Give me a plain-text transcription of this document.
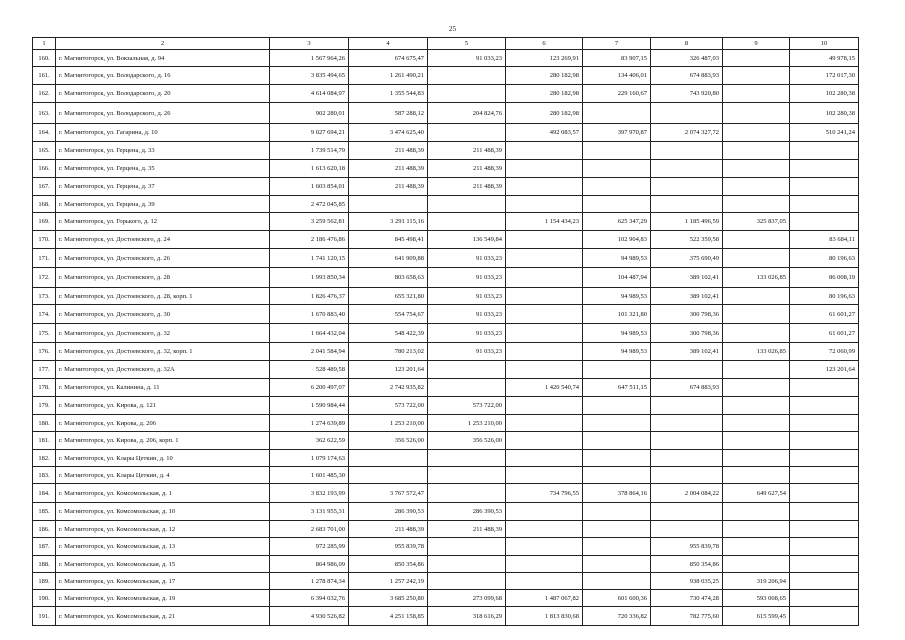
25
1	2	3	4	5	6	7	8	9	10
160.	г. Магнитогорск, ул. Вокзальная, д. 94	1 567 964,26	674 675,47	91 033,23	123 269,91	83 907,15	326 487,03		49 978,15
161.	г. Магнитогорск, ул. Володарского, д. 16	3 835 494,65	1 261 490,21		280 182,98	134 406,01	674 883,93		172 017,30
162.	г. Магнитогорск, ул. Володарского, д. 20	4 614 084,97	1 355 544,83		280 182,98	229 160,67	743 920,80		102 280,38
163.	г. Магнитогорск, ул. Володарского, д. 26	902 280,01	587 288,12	204 824,76	280 182,98				102 280,38
164.	г. Магнитогорск, ул. Гагарина, д. 10	9 027 694,21	3 474 625,40		492 083,57	397 970,87	2 074 327,72		510 241,24
165.	г. Магнитогорск, ул. Герцена, д. 33	1 739 514,79	211 488,39	211 488,39					
166.	г. Магнитогорск, ул. Герцена, д. 35	1 613 620,18	211 488,39	211 488,39					
167.	г. Магнитогорск, ул. Герцена, д. 37	1 603 854,01	211 488,39	211 488,39					
168.	г. Магнитогорск, ул. Герцена, д. 39	2 472 045,85							
169.	г. Магнитогорск, ул. Горького, д. 12	3 259 562,81	3 291 115,16		1 154 434,23	625 347,29	1 185 496,59	325 837,05	
170.	г. Магнитогорск, ул. Достоевского, д. 24	2 186 476,86	845 498,41	136 549,84		102 904,83	522 359,58		83 684,11
171.	г. Магнитогорск, ул. Достоевского, д. 26	1 741 120,15	641 909,88	91 033,23		94 989,53	375 690,49		80 196,63
172.	г. Магнитогорск, ул. Достоевского, д. 28	1 993 850,34	803 658,63	91 033,23		104 487,94	389 102,41	133 026,85	86 008,19
173.	г. Магнитогорск, ул. Достоевского, д. 28, корп. 1	1 826 476,37	655 321,80	91 033,23		94 989,53	389 102,41		80 196,63
174.	г. Магнитогорск, ул. Достоевского, д. 30	1 670 883,40	554 754,67	91 033,23		101 321,80	300 798,36		61 601,27
175.	г. Магнитогорск, ул. Достоевского, д. 32	1 664 432,04	548 422,39	91 033,23		94 989,53	300 798,36		61 601,27
176.	г. Магнитогорск, ул. Достоевского, д. 32, корп. 1	2 041 584,94	780 213,02	91 033,23		94 989,53	389 102,41	133 026,85	72 060,99
177.	г. Магнитогорск, ул. Достоевского, д. 32А	528 489,58	123 201,64						123 201,64
178.	г. Магнитогорск, ул. Калинина, д. 11	6 200 497,07	2 742 935,82		1 420 540,74	647 511,15	674 883,93		
179.	г. Магнитогорск, ул. Кирова, д. 121	1 590 984,44	573 722,00	573 722,00					
180.	г. Магнитогорск, ул. Кирова, д. 206	1 274 639,89	1 253 210,00	1 253 210,00					
181.	г. Магнитогорск, ул. Кирова, д. 206, корп. 1	362 622,59	356 526,00	356 526,00					
182.	г. Магнитогорск, ул. Клары Цеткин, д. 10	1 079 174,63							
183.	г. Магнитогорск, ул. Клары Цеткин, д. 4	1 601 485,30							
184.	г. Магнитогорск, ул. Комсомольская, д. 1	3 832 193,99	3 767 572,47		734 796,55	378 864,16	2 004 084,22	649 627,54	
185.	г. Магнитогорск, ул. Комсомольская, д. 10	3 131 955,31	286 390,53	286 390,53					
186.	г. Магнитогорск, ул. Комсомольская, д. 12	2 683 701,00	211 488,39	211 488,39					
187.	г. Магнитогорск, ул. Комсомольская, д. 13	972 285,99	955 839,78				955 839,78		
188.	г. Магнитогорск, ул. Комсомольская, д. 15	864 986,09	850 354,86				850 354,86		
189.	г. Магнитогорск, ул. Комсомольская, д. 17	1 278 874,34	1 257 242,19				938 035,25	319 206,94	
190.	г. Магнитогорск, ул. Комсомольская, д. 19	6 394 032,76	3 685 250,80	273 099,68	1 487 067,82	601 600,36	730 474,28	593 008,65	
191.	г. Магнитогорск, ул. Комсомольская, д. 21	4 930 526,82	4 251 158,85	318 616,29	1 813 830,68	720 336,82	782 775,60	615 599,45	
